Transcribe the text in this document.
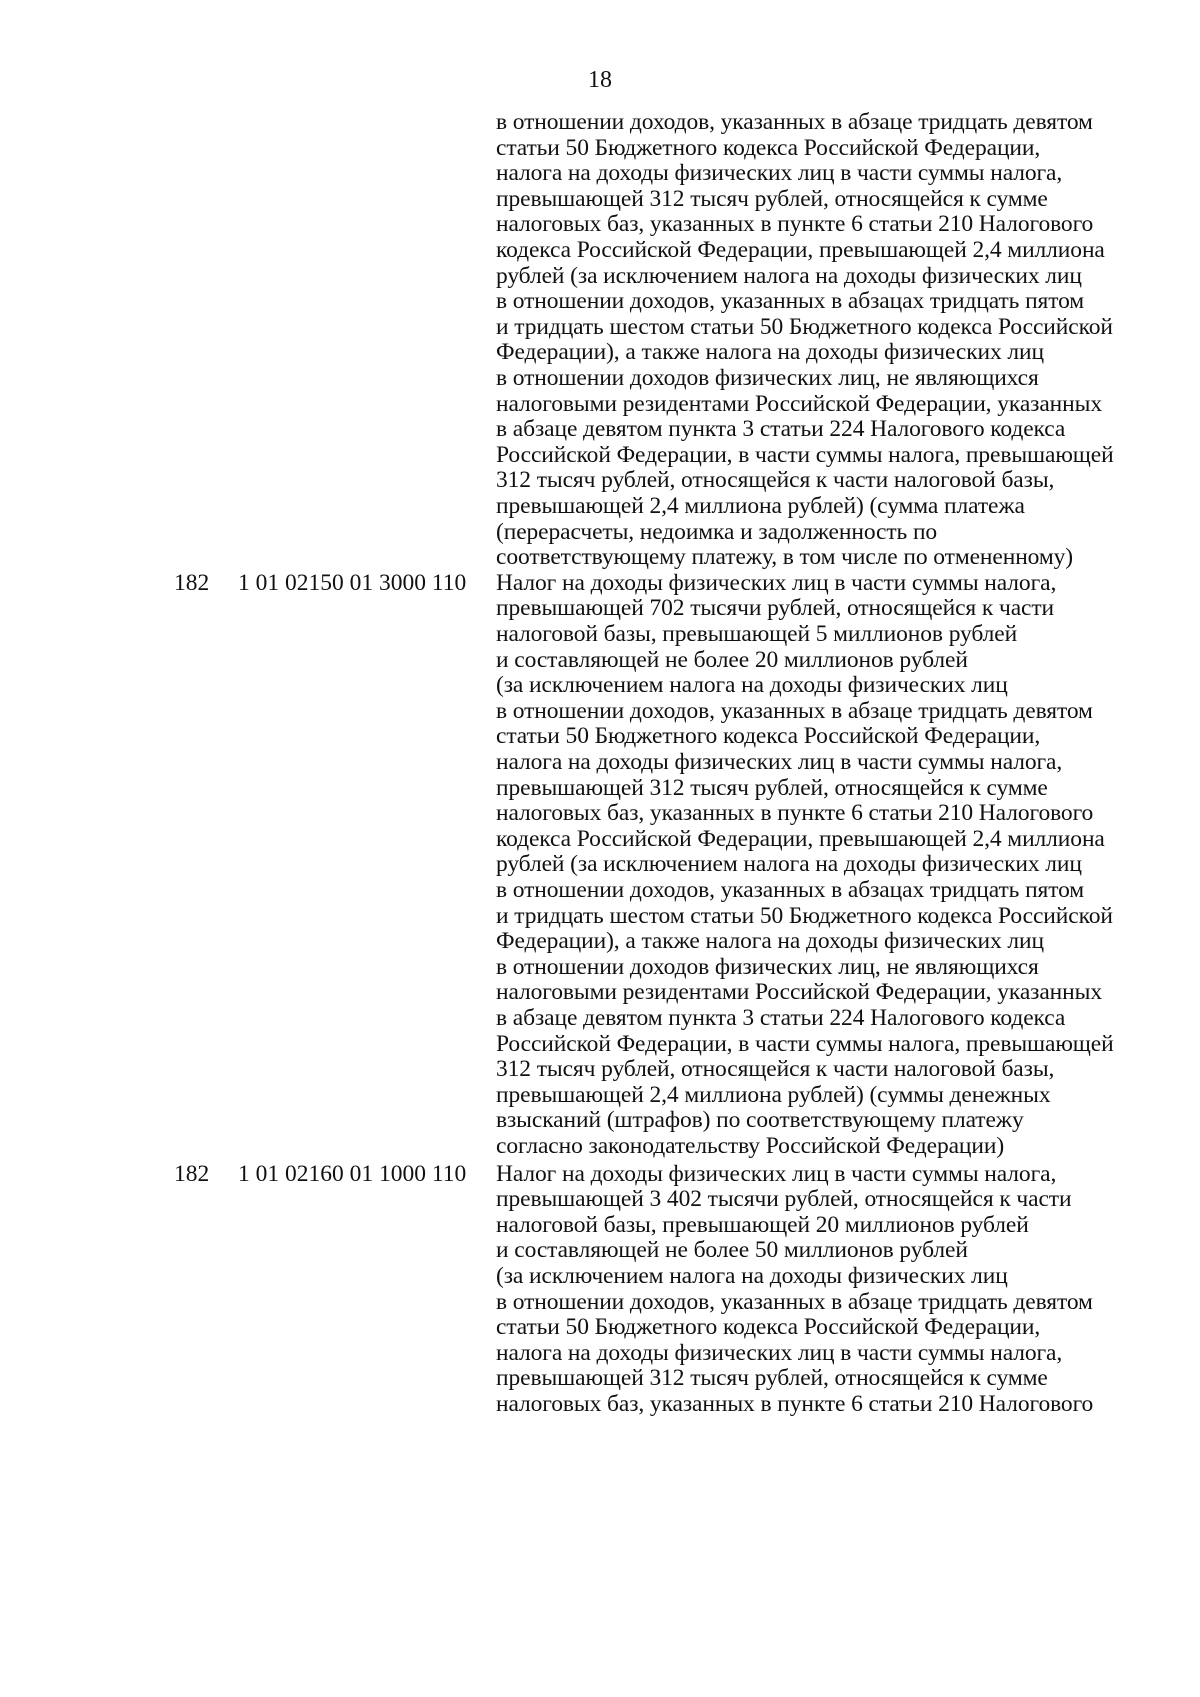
18
в отношении доходов, указанных в абзаце тридцать девятом
статьи 50 Бюджетного кодекса Российской Федерации,
налога на доходы физических лиц в части суммы налога,
превышающей 312 тысяч рублей, относящейся к сумме
налоговых баз, указанных в пункте 6 статьи 210 Налогового
кодекса Российской Федерации, превышающей 2,4 миллиона
рублей (за исключением налога на доходы физических лиц
в отношении доходов, указанных в абзацах тридцать пятом
и тридцать шестом статьи 50 Бюджетного кодекса Российской
Федерации), а также налога на доходы физических лиц
в отношении доходов физических лиц, не являющихся
налоговыми резидентами Российской Федерации, указанных
в абзаце девятом пункта 3 статьи 224 Налогового кодекса
Российской Федерации, в части суммы налога, превышающей
312 тысяч рублей, относящейся к части налоговой базы,
превышающей 2,4 миллиона рублей) (сумма платежа
(перерасчеты, недоимка и задолженность по
соответствующему платежу, в том числе по отмененному)
182 1 01 02150 01 3000 110 Налог на доходы физических лиц в части суммы налога,
превышающей 702 тысячи рублей, относящейся к части
налоговой базы, превышающей 5 миллионов рублей
и составляющей не более 20 миллионов рублей
(за исключением налога на доходы физических лиц
в отношении доходов, указанных в абзаце тридцать девятом
статьи 50 Бюджетного кодекса Российской Федерации,
налога на доходы физических лиц в части суммы налога,
превышающей 312 тысяч рублей, относящейся к сумме
налоговых баз, указанных в пункте 6 статьи 210 Налогового
кодекса Российской Федерации, превышающей 2,4 миллиона
рублей (за исключением налога на доходы физических лиц
в отношении доходов, указанных в абзацах тридцать пятом
и тридцать шестом статьи 50 Бюджетного кодекса Российской
Федерации), а также налога на доходы физических лиц
в отношении доходов физических лиц, не являющихся
налоговыми резидентами Российской Федерации, указанных
в абзаце девятом пункта 3 статьи 224 Налогового кодекса
Российской Федерации, в части суммы налога, превышающей
312 тысяч рублей, относящейся к части налоговой базы,
превышающей 2,4 миллиона рублей) (суммы денежных
взысканий (штрафов) по соответствующему платежу
согласно законодательству Российской Федерации)
182 1 01 02160 01 1000 110 Налог на доходы физических лиц в части суммы налога,
превышающей 3 402 тысячи рублей, относящейся к части
налоговой базы, превышающей 20 миллионов рублей
и составляющей не более 50 миллионов рублей
(за исключением налога на доходы физических лиц
в отношении доходов, указанных в абзаце тридцать девятом
статьи 50 Бюджетного кодекса Российской Федерации,
налога на доходы физических лиц в части суммы налога,
превышающей 312 тысяч рублей, относящейся к сумме
налоговых баз, указанных в пункте 6 статьи 210 Налогового
